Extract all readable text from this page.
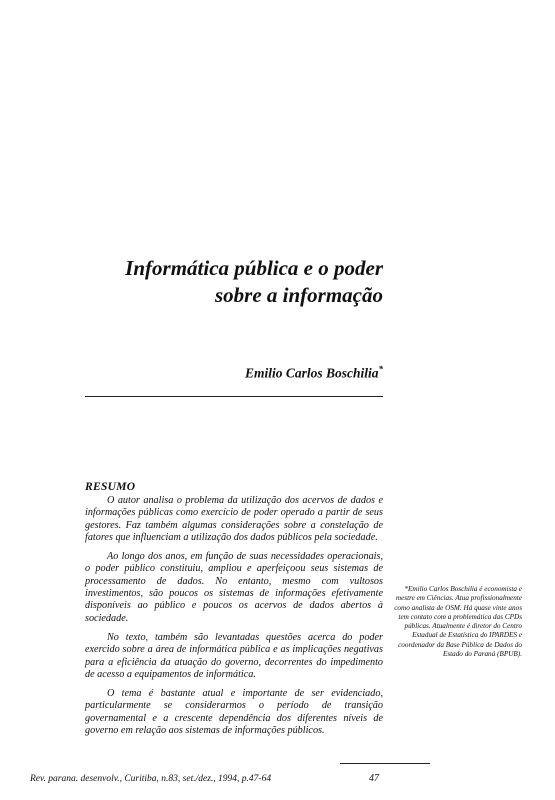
Informática pública e o poder
sobre a informação
Emilio Carlos Boschilia*
RESUMO

O autor analisa o problema da utilização dos acervos de dados e informações públicas como exercício de poder operado a partir de seus gestores. Faz também algumas considerações sobre a constelação de fatores que influenciam a utilização dos dados públicos pela sociedade.

Ao longo dos anos, em função de suas necessidades operacionais, o poder público constituiu, ampliou e aperfeiçoou seus sistemas de processamento de dados. No entanto, mesmo com vultosos investimentos, são poucos os sistemas de informações efetivamente disponíveis ao público e poucos os acervos de dados abertos à sociedade.

No texto, também são levantadas questões acerca do poder exercido sobre a área de informática pública e as implicações negativas para a eficiência da atuação do governo, decorrentes do impedimento de acesso a equipamentos de informática.

O tema é bastante atual e importante de ser evidenciado, particularmente se considerarmos o período de transição governamental e a crescente dependência dos diferentes níveis de governo em relação aos sistemas de informações públicos.

*Emilio Carlos Boschilia é economista e mestre em Ciências. Atua profissionalmente como analista de OSM. Há quase vinte anos tem contato com a problemática das CPDs públicas. Atualmente é diretor do Centro Estadual de Estatística do IPARDES e coordenador da Base Pública de Dados do Estado do Paraná (BPUB).
Rev. parana. desenvolv., Curitiba, n.83, set./dez., 1994, p.47-64	47
